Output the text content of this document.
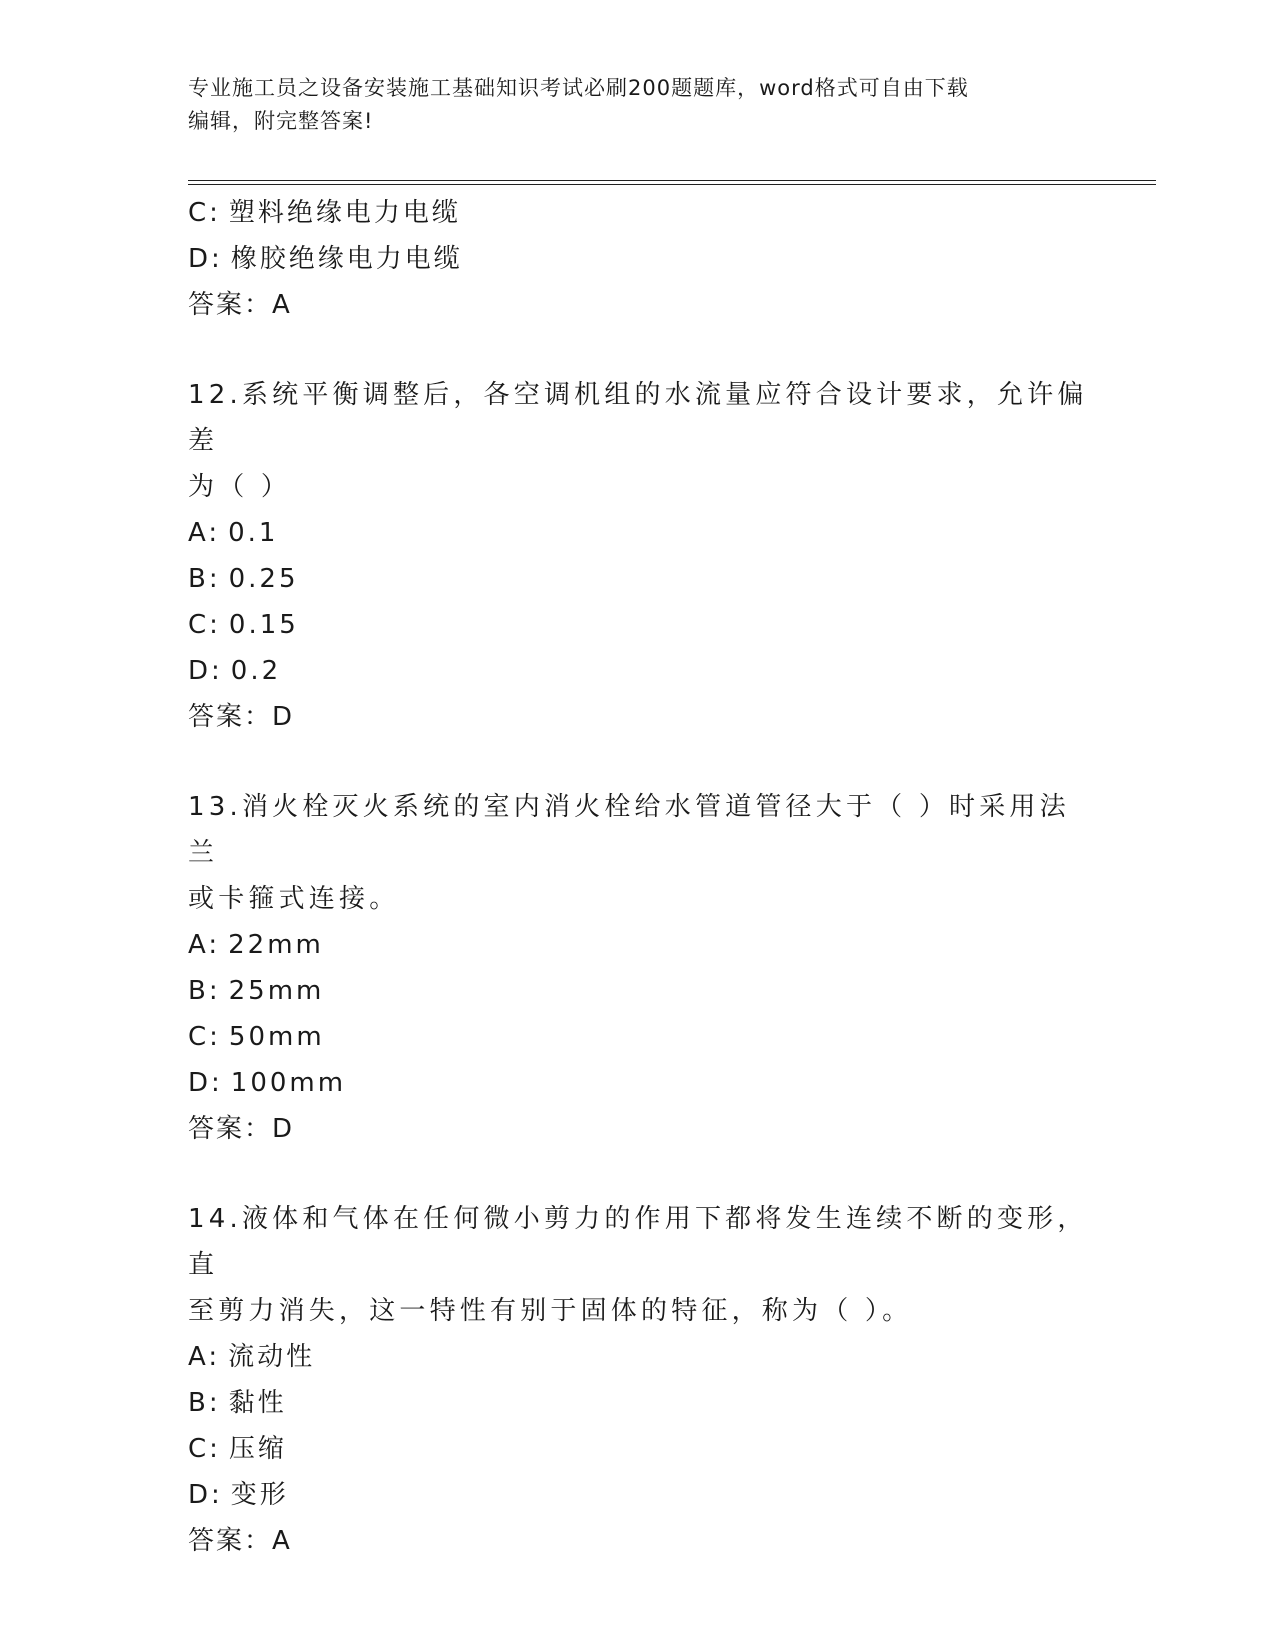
专业施工员之设备安装施工基础知识考试必刷200题题库，word格式可自由下载
编辑，附完整答案!
C: 塑料绝缘电力电缆
D: 橡胶绝缘电力电缆
答案：A
12.系统平衡调整后，各空调机组的水流量应符合设计要求，允许偏差
为（ ）
A: 0.1
B: 0.25
C: 0.15
D: 0.2
答案：D
13.消火栓灭火系统的室内消火栓给水管道管径大于（ ）时采用法兰
或卡箍式连接。
A: 22mm
B: 25mm
C: 50mm
D: 100mm
答案：D
14.液体和气体在任何微小剪力的作用下都将发生连续不断的变形，直
至剪力消失，这一特性有别于固体的特征，称为（ ）。
A: 流动性
B: 黏性
C: 压缩
D: 变形
答案：A
